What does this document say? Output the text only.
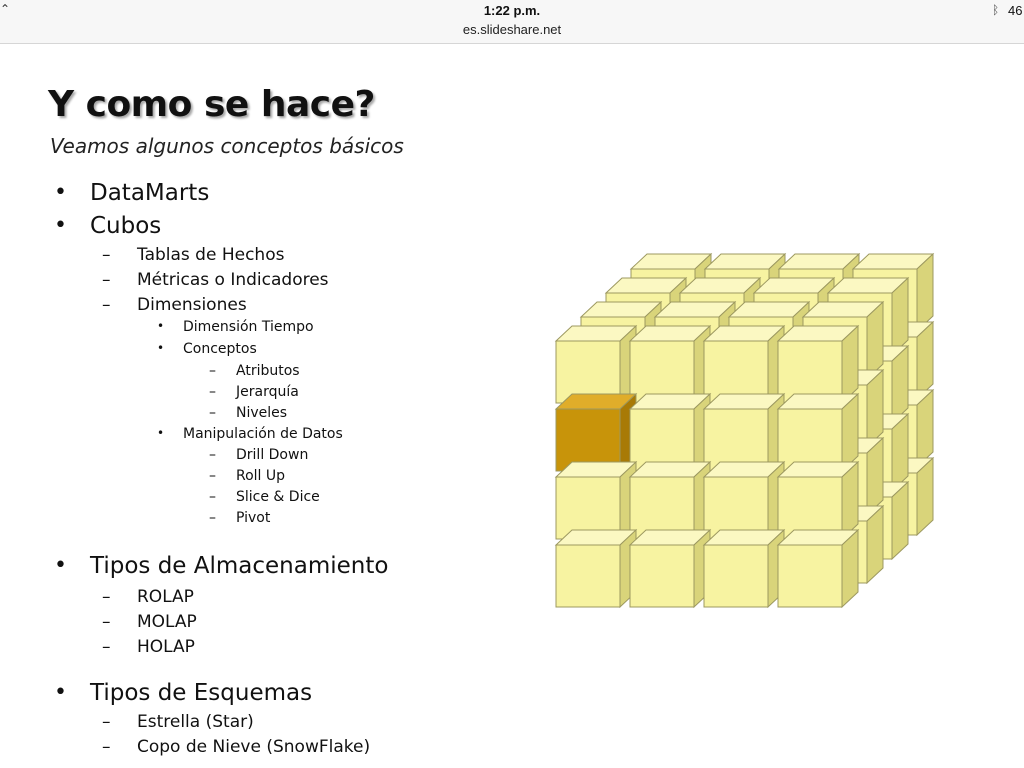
⌃	1:22 p.m.
es.slideshare.net
ᛒ 46
Y como se hace?
Veamos algunos conceptos básicos
• DataMarts
• Cubos
– Tablas de Hechos
– Métricas o Indicadores
– Dimensiones
• Dimensión Tiempo
• Conceptos
– Atributos
– Jerarquía
– Niveles
• Manipulación de Datos
– Drill Down
– Roll Up
– Slice & Dice
– Pivot
• Tipos de Almacenamiento
– ROLAP
– MOLAP
– HOLAP
• Tipos de Esquemas
– Estrella (Star)
– Copo de Nieve (SnowFlake)
